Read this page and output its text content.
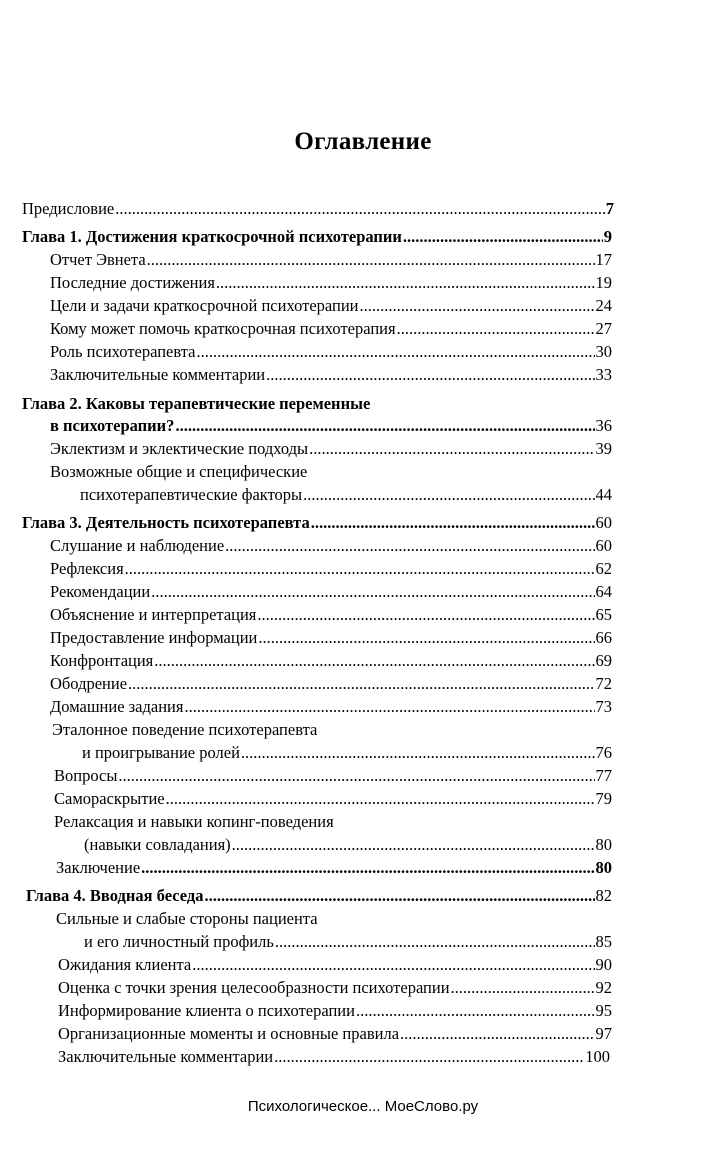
Оглавление
Предисловие .....	7
Глава 1. Достижения краткосрочной психотерапии .....	9
Отчет Эвнета .....	17
Последние достижения .....	19
Цели и задачи краткосрочной психотерапии .....	24
Кому может помочь краткосрочная психотерапия .....	27
Роль психотерапевта .....	30
Заключительные комментарии .....	33
Глава 2. Каковы терапевтические переменные
в психотерапии? .....	36
Эклектизм и эклектические подходы .....	39
Возможные общие и специфические
психотерапевтические факторы .....	44
Глава 3. Деятельность психотерапевта .....	60
Слушание и наблюдение .....	60
Рефлексия .....	62
Рекомендации .....	64
Объяснение и интерпретация .....	65
Предоставление информации .....	66
Конфронтация .....	69
Ободрение .....	72
Домашние задания .....	73
Эталонное поведение психотерапевта
и проигрывание ролей .....	76
Вопросы .....	77
Самораскрытие .....	79
Релаксация и навыки копинг-поведения
(навыки совладания) .....	80
Заключение .....	80
Глава 4. Вводная беседа .....	82
Сильные и слабые стороны пациента
и его личностный профиль .....	85
Ожидания клиента .....	90
Оценка с точки зрения целесообразности психотерапии .....	92
Информирование клиента о психотерапии .....	95
Организационные моменты и основные правила .....	97
Заключительные комментарии .....	100
Психологическое... МоеСлово.ру
